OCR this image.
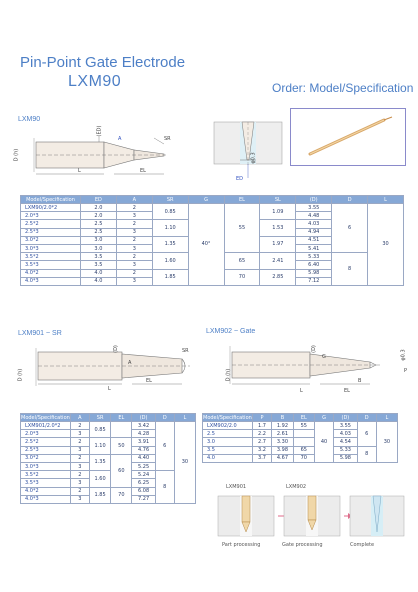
Pin-Point Gate Electrode
LXM90	Order: Model/Specification
LXM90
(ED)
A	SR
L	EL
D (h)	φ0.3
ED
Model/Specification	ED	A	SR	G	EL	SL	(D)	D	L
LXM90/2.0*2	2.0	2	0.85	40°	55	1.09	3.55	6	30
2.0*3	2.0	3					4.48		
2.5*2	2.5	2	1.10			1.53	4.03		
2.5*3	2.5	3					4.94		
3.0*2	3.0	2	1.35			1.97	4.51		
3.0*3	3.0	3					5.41		
3.5*2	3.5	2	1.60		65	2.41	5.33	8	
3.5*3	3.5	3					6.40		
4.0*2	4.0	2	1.85		70	2.85	5.98		
4.0*3	4.0	3					7.12		
LXM901 ~ SR	LXM902 ~ Gate
(D)
A
SR
L
EL
D (h)
(D)
G	φ0.3
P
B
L	EL
D (h)
Model/Specification	A	SR	EL	(D)	D	L
LXM901/2.0*2	2	0.85		3.42	6	30
2.0*3	3			4.28		
2.5*2	2	1.10	50	3.91		
2.5*3	3			4.76		
3.0*2	2	1.35	60	4.40		
3.0*3	3			5.25		
3.5*2	2	1.60		5.24	8	
3.5*3	3			6.25		
4.0*2	2	1.85	70	6.08		
4.0*3	3			7.27		
Model/Specification	P	B	EL	G	(D)	D	L
LXM902/2.0	1.7	1.92	55	40	3.55	6	30
2.5	2.2	2.61			4.03		
3.0	2.7	3.30			4.54		
3.5	3.2	3.98	65		5.33	8	
4.0	3.7	4.67	70		5.98		
LXM901	LXM902
Part processing	Gate processing	Complete
